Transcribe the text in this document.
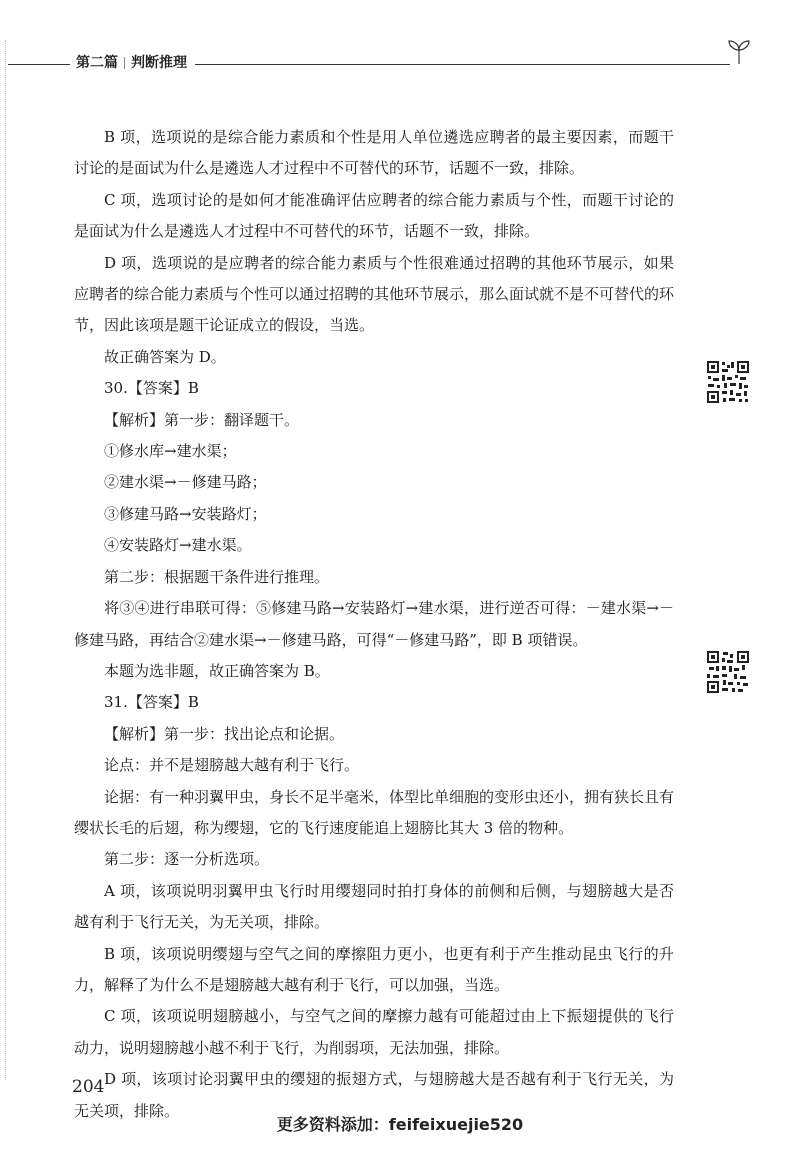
第二篇 判断推理

B 项，选项说的是综合能力素质和个性是用人单位遴选应聘者的最主要因素，而题干讨论的是面试为什么是遴选人才过程中不可替代的环节，话题不一致，排除。

C 项，选项讨论的是如何才能准确评估应聘者的综合能力素质与个性，而题干讨论的是面试为什么是遴选人才过程中不可替代的环节，话题不一致，排除。

D 项，选项说的是应聘者的综合能力素质与个性很难通过招聘的其他环节展示，如果应聘者的综合能力素质与个性可以通过招聘的其他环节展示，那么面试就不是不可替代的环节，因此该项是题干论证成立的假设，当选。

故正确答案为 D。

30.【答案】B

【解析】第一步：翻译题干。

①修水库→建水渠；

②建水渠→－修建马路；

③修建马路→安装路灯；

④安装路灯→建水渠。

第二步：根据题干条件进行推理。

将③④进行串联可得：⑤修建马路→安装路灯→建水渠，进行逆否可得：－建水渠→－修建马路，再结合②建水渠→－修建马路，可得“－修建马路”，即 B 项错误。

本题为选非题，故正确答案为 B。

31.【答案】B

【解析】第一步：找出论点和论据。

论点：并不是翅膀越大越有利于飞行。

论据：有一种羽翼甲虫，身长不足半毫米，体型比单细胞的变形虫还小，拥有狭长且有缨状长毛的后翅，称为缨翅，它的飞行速度能追上翅膀比其大 3 倍的物种。

第二步：逐一分析选项。

A 项，该项说明羽翼甲虫飞行时用缨翅同时拍打身体的前侧和后侧，与翅膀越大是否越有利于飞行无关，为无关项，排除。

B 项，该项说明缨翅与空气之间的摩擦阻力更小，也更有利于产生推动昆虫飞行的升力，解释了为什么不是翅膀越大越有利于飞行，可以加强，当选。

C 项，该项说明翅膀越小，与空气之间的摩擦力越有可能超过由上下振翅提供的飞行动力，说明翅膀越小越不利于飞行，为削弱项，无法加强，排除。

D 项，该项讨论羽翼甲虫的缨翅的振翅方式，与翅膀越大是否越有利于飞行无关，为无关项，排除。

204
更多资料添加：feifeixuejie520
